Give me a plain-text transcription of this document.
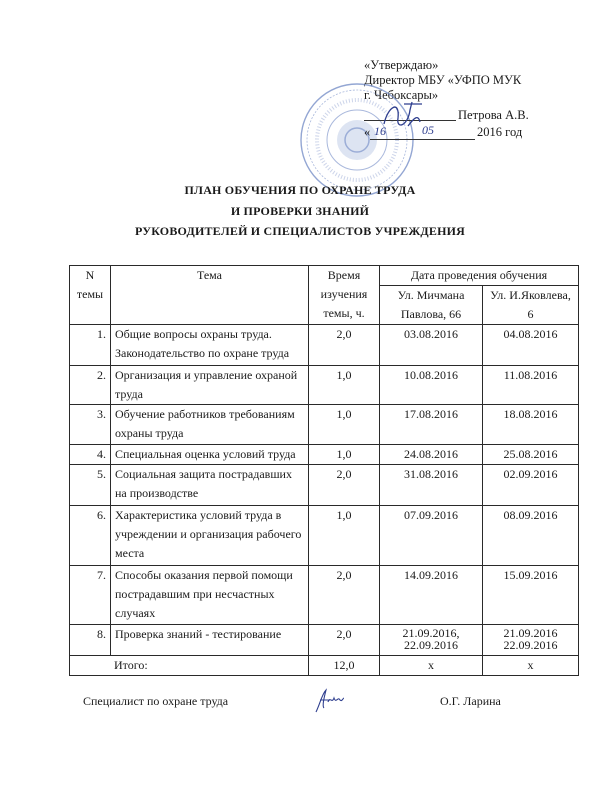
«Утверждаю»
Директор МБУ «УФПО МУК
г. Чебоксары»
Петрова А.В.
« 16	05	2016 год
ПЛАН ОБУЧЕНИЯ ПО ОХРАНЕ ТРУДА
И ПРОВЕРКИ ЗНАНИЙ
РУКОВОДИТЕЛЕЙ И СПЕЦИАЛИСТОВ УЧРЕЖДЕНИЯ
N темы	Тема	Время изучения темы, ч.	Дата проведения обучения	
			Ул. Мичмана Павлова, 66	Ул. И.Яковлева, 6
1.	Общие вопросы охраны труда. Законодательство по охране труда	2,0	03.08.2016	04.08.2016
2.	Организация и управление охраной труда	1,0	10.08.2016	11.08.2016
3.	Обучение работников требованиям охраны труда	1,0	17.08.2016	18.08.2016
4.	Специальная оценка условий труда	1,0	24.08.2016	25.08.2016
5.	Социальная защита пострадавших на производстве	2,0	31.08.2016	02.09.2016
6.	Характеристика условий труда в учреждении и организация рабочего места	1,0	07.09.2016	08.09.2016
7.	Способы оказания первой помощи пострадавшим при несчастных случаях	2,0	14.09.2016	15.09.2016
8.	Проверка знаний - тестирование	2,0	21.09.2016, 22.09.2016	21.09.2016 22.09.2016
Итого:		12,0	x	x
Специалист по охране труда	О.Г. Ларина
